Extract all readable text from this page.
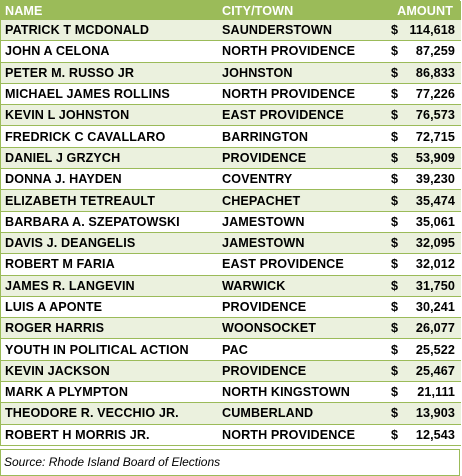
NAME	CITY/TOWN	AMOUNT	
PATRICK T MCDONALD	SAUNDERSTOWN	$	114,618
JOHN A CELONA	NORTH PROVIDENCE	$	87,259
PETER M. RUSSO JR	JOHNSTON	$	86,833
MICHAEL JAMES ROLLINS	NORTH PROVIDENCE	$	77,226
KEVIN L JOHNSTON	EAST PROVIDENCE	$	76,573
FREDRICK C CAVALLARO	BARRINGTON	$	72,715
DANIEL J GRZYCH	PROVIDENCE	$	53,909
DONNA J. HAYDEN	COVENTRY	$	39,230
ELIZABETH TETREAULT	CHEPACHET	$	35,474
BARBARA A. SZEPATOWSKI	JAMESTOWN	$	35,061
DAVIS J. DEANGELIS	JAMESTOWN	$	32,095
ROBERT M FARIA	EAST PROVIDENCE	$	32,012
JAMES R. LANGEVIN	WARWICK	$	31,750
LUIS A APONTE	PROVIDENCE	$	30,241
ROGER HARRIS	WOONSOCKET	$	26,077
YOUTH IN POLITICAL ACTION	PAC	$	25,522
KEVIN JACKSON	PROVIDENCE	$	25,467
MARK A PLYMPTON	NORTH KINGSTOWN	$	21,111
THEODORE R. VECCHIO JR.	CUMBERLAND	$	13,903
ROBERT H MORRIS JR.	NORTH PROVIDENCE	$	12,543
Source: Rhode Island Board of Elections
